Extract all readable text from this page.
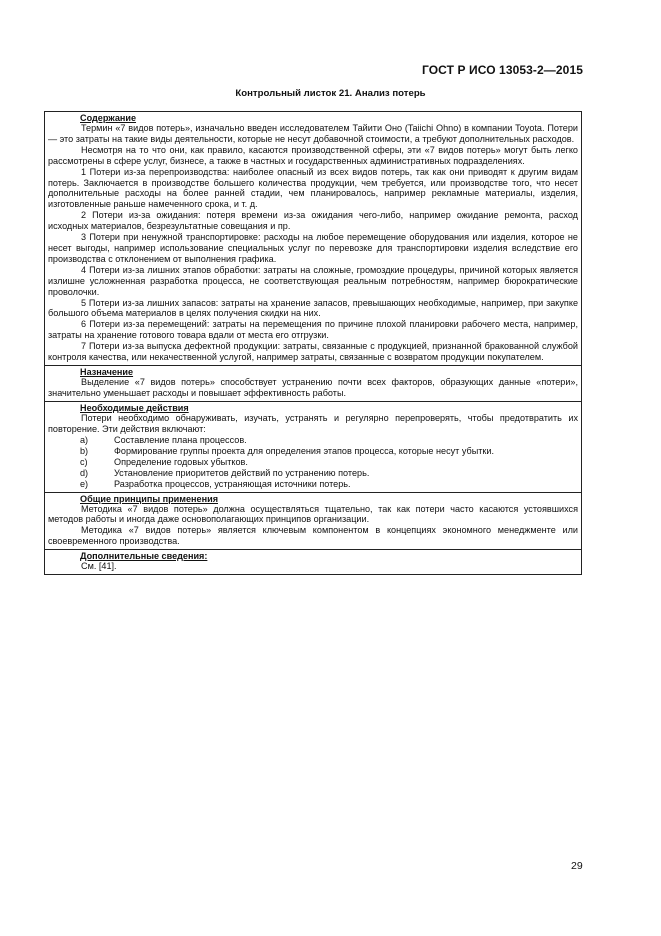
ГОСТ Р ИСО 13053-2—2015
Контрольный листок 21. Анализ потерь
Содержание

Термин «7 видов потерь», изначально введен исследователем Тайити Оно (Taiichi Ohno) в компании Toyota. Потери — это затраты на такие виды деятельности, которые не несут добавочной стоимости, а требуют дополнительных расходов.

Несмотря на то что они, как правило, касаются производственной сферы, эти «7 видов потерь» могут быть легко рассмотрены в сфере услуг, бизнесе, а также в частных и государственных административных подразделениях.

1 Потери из-за перепроизводства: наиболее опасный из всех видов потерь, так как они приводят к другим видам потерь. Заключается в производстве большего количества продукции, чем требуется, или производстве того, что несет дополнительные расходы на более ранней стадии, чем планировалось, например рекламные материалы, изделия, изготовленные раньше намеченного срока, и т. д.

2 Потери из-за ожидания: потеря времени из-за ожидания чего-либо, например ожидание ремонта, расход исходных материалов, безрезультатные совещания и пр.

3 Потери при ненужной транспортировке: расходы на любое перемещение оборудования или изделия, которое не несет выгоды, например использование специальных услуг по перевозке для транспортировки изделия вследствие его производства с отклонением от выполнения графика.

4 Потери из-за лишних этапов обработки: затраты на сложные, громоздкие процедуры, причиной которых является излишне усложненная разработка процесса, не соответствующая реальным потребностям, например бюрократические проволочки.

5 Потери из-за лишних запасов: затраты на хранение запасов, превышающих необходимые, например, при закупке большого объема материалов в целях получения скидки на них.

6 Потери из-за перемещений: затраты на перемещения по причине плохой планировки рабочего места, например, затраты на хранение готового товара вдали от места его отгрузки.

7 Потери из-за выпуска дефектной продукции: затраты, связанные с продукцией, признанной бракованной службой контроля качества, или некачественной услугой, например затраты, связанные с возвратом продукции покупателем.

Назначение

Выделение «7 видов потерь» способствует устранению почти всех факторов, образующих данные «потери», значительно уменьшает расходы и повышает эффективность работы.

Необходимые действия

Потери необходимо обнаруживать, изучать, устранять и регулярно перепроверять, чтобы предотвратить их повторение. Эти действия включают:

a)	Составление плана процессов.
b)	Формирование группы проекта для определения этапов процесса, которые несут убытки.
c)	Определение годовых убытков.
d)	Установление приоритетов действий по устранению потерь.
e)	Разработка процессов, устраняющая источники потерь.
Общие принципы применения

Методика «7 видов потерь» должна осуществляться тщательно, так как потери часто касаются устоявшихся методов работы и иногда даже основополагающих принципов организации.

Методика «7 видов потерь» является ключевым компонентом в концепциях экономного менеджменте или своевременного производства.

Дополнительные сведения:

См. [41].

29
